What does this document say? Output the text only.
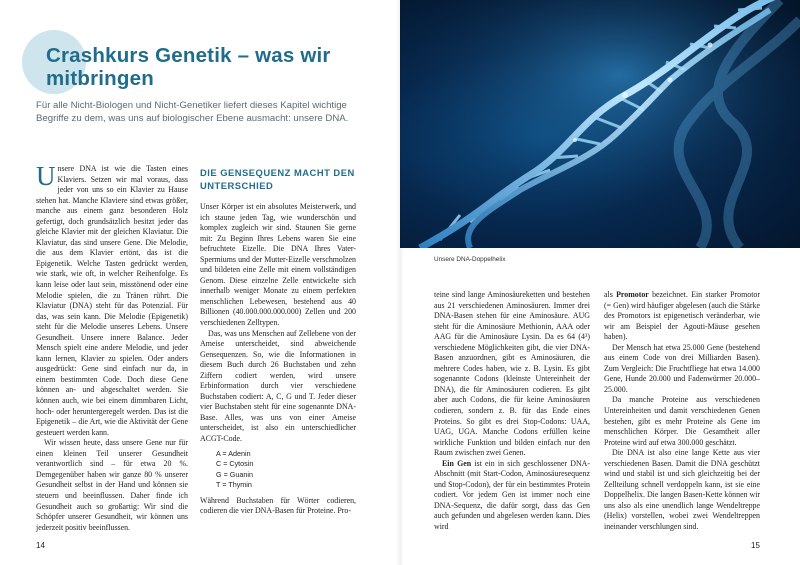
Crashkurs Genetik – was wir mitbringen

Für alle Nicht-Biologen und Nicht-Genetiker liefert dieses Kapitel wichtige Begriffe zu dem, was uns auf biologischer Ebene ausmacht: unsere DNA.

Unsere DNA ist wie die Tasten eines Klaviers. Setzen wir mal voraus, dass jeder von uns so ein Klavier zu Hause stehen hat. Manche Klaviere sind etwas größer, manche aus einem ganz besonderen Holz gefertigt, doch grundsätzlich besitzt jeder das gleiche Klavier mit der gleichen Klaviatur. Die Klaviatur, das sind unsere Gene. Die Melodie, die aus dem Klavier ertönt, das ist die Epigenetik. Welche Tasten gedrückt werden, wie stark, wie oft, in welcher Reihenfolge. Es kann leise oder laut sein, misstönend oder eine Melodie spielen, die zu Tränen rührt. Die Klaviatur (DNA) steht für das Potenzial. Für das, was sein kann. Die Melodie (Epigenetik) steht für die Melodie unseres Lebens. Unsere Gesundheit. Unsere innere Balance. Jeder Mensch spielt eine andere Melodie, und jeder kann lernen, Klavier zu spielen. Oder anders ausgedrückt: Gene sind einfach nur da, in einem bestimmten Code. Doch diese Gene können an- und abgeschaltet werden. Sie können auch, wie bei einem dimmbaren Licht, hoch- oder heruntergeregelt werden. Das ist die Epigenetik – die Art, wie die Aktivität der Gene gesteuert werden kann.

Wir wissen heute, dass unsere Gene nur für einen kleinen Teil unserer Gesundheit verantwortlich sind – für etwa 20 %. Demgegenüber haben wir ganze 80 % unserer Gesundheit selbst in der Hand und können sie steuern und beeinflussen. Daher finde ich Gesundheit auch so großartig: Wir sind die Schöpfer unserer Gesundheit, wir können uns jederzeit positiv beeinflussen.

DIE GENSEQUENZ MACHT DEN UNTERSCHIED

Unser Körper ist ein absolutes Meisterwerk, und ich staune jeden Tag, wie wunderschön und komplex zugleich wir sind. Staunen Sie gerne mit: Zu Beginn Ihres Lebens waren Sie eine befruchtete Eizelle. Die DNA Ihres Vater-Spermiums und der Mutter-Eizelle verschmolzen und bildeten eine Zelle mit einem vollständigen Genom. Diese einzelne Zelle entwickelte sich innerhalb weniger Monate zu einem perfekten menschlichen Lebewesen, bestehend aus 40 Billionen (40.000.000.000.000) Zellen und 200 verschiedenen Zelltypen.

Das, was uns Menschen auf Zellebene von der Ameise unterscheidet, sind abweichende Gensequenzen. So, wie die Informationen in diesem Buch durch 26 Buchstaben und zehn Ziffern codiert werden, wird unsere Erbinformation durch vier verschiedene Buchstaben codiert: A, C, G und T. Jeder dieser vier Buchstaben steht für eine sogenannte DNA-Base. Alles, was uns von einer Ameise unterscheidet, ist also ein unterschiedlicher ACGT-Code.

A = Adenin
C = Cytosin
G = Guanin
T = Thymin

Während Buchstaben für Wörter codieren, codieren die vier DNA-Basen für Proteine. Pro-

14

Unsere DNA-Doppelhelix

teine sind lange Aminosäureketten und bestehen aus 21 verschiedenen Aminosäuren. Immer drei DNA-Basen stehen für eine Aminosäure. AUG steht für die Aminosäure Methionin, AAA oder AAG für die Aminosäure Lysin. Da es 64 (4³) verschiedene Möglichkeiten gibt, die vier DNA-Basen anzuordnen, gibt es Aminosäuren, die mehrere Codes haben, wie z. B. Lysin. Es gibt sogenannte Codons (kleinste Untereinheit der DNA), die für Aminosäuren codieren. Es gibt aber auch Codons, die für keine Aminosäuren codieren, sondern z. B. für das Ende eines Proteins. So gibt es drei Stop-Codons: UAA, UAG, UGA. Manche Codons erfüllen keine wirkliche Funktion und bilden einfach nur den Raum zwischen zwei Genen.

Ein Gen ist ein in sich geschlossener DNA-Abschnitt (mit Start-Codon, Aminosäuresequenz und Stop-Codon), der für ein bestimmtes Protein codiert. Vor jedem Gen ist immer noch eine DNA-Sequenz, die dafür sorgt, dass das Gen auch gefunden und abgelesen werden kann. Dies wird

als Promotor bezeichnet. Ein starker Promotor (= Gen) wird häufiger abgelesen (auch die Stärke des Promotors ist epigenetisch veränderbar, wie wir am Beispiel der Agouti-Mäuse gesehen haben).

Der Mensch hat etwa 25.000 Gene (bestehend aus einem Code von drei Milliarden Basen). Zum Vergleich: Die Fruchtfliege hat etwa 14.000 Gene, Hunde 20.000 und Fadenwürmer 20.000–25.000.

Da manche Proteine aus verschiedenen Untereinheiten und damit verschiedenen Genen bestehen, gibt es mehr Proteine als Gene im menschlichen Körper. Die Gesamtheit aller Proteine wird auf etwa 300.000 geschätzt.

Die DNA ist also eine lange Kette aus vier verschiedenen Basen. Damit die DNA geschützt wind und stabil ist und sich gleichzeitig bei der Zellteilung schnell verdoppeln kann, ist sie eine Doppelhelix. Die langen Basen-Kette können wir uns also als eine unendlich lange Wendeltreppe (Helix) vorstellen, wobei zwei Wendeltreppen ineinander verschlungen sind.

15
